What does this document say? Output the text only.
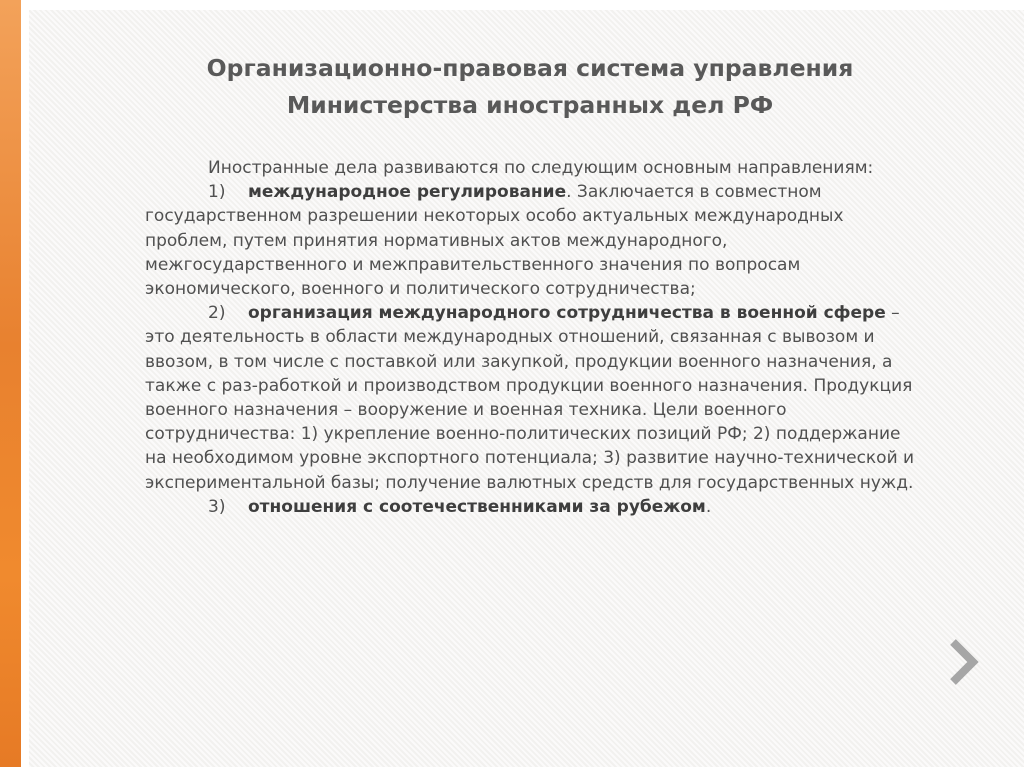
Организационно-правовая система управления
Министерства иностранных дел РФ

Иностранные дела развиваются по следующим основным направлениям:

1) международное регулирование. Заключается в совместном государственном разрешении некоторых особо актуальных международных проблем, путем принятия нормативных актов международного, межгосударственного и межправительственного значения по вопросам экономического, военного и политического сотрудничества;

2) организация международного сотрудничества в военной сфере – это деятельность в области международных отношений, связанная с вывозом и ввозом, в том числе с поставкой или закупкой, продукции военного назначения, а также с раз-работкой и производством продукции военного назначения. Продукция военного назначения – вооружение и военная техника. Цели военного сотрудничества: 1) укрепление военно-политических позиций РФ; 2) поддержание на необходимом уровне экспортного потенциала; 3) развитие научно-технической и экспериментальной базы; получение валютных средств для государственных нужд.

3) отношения с соотечественниками за рубежом.
